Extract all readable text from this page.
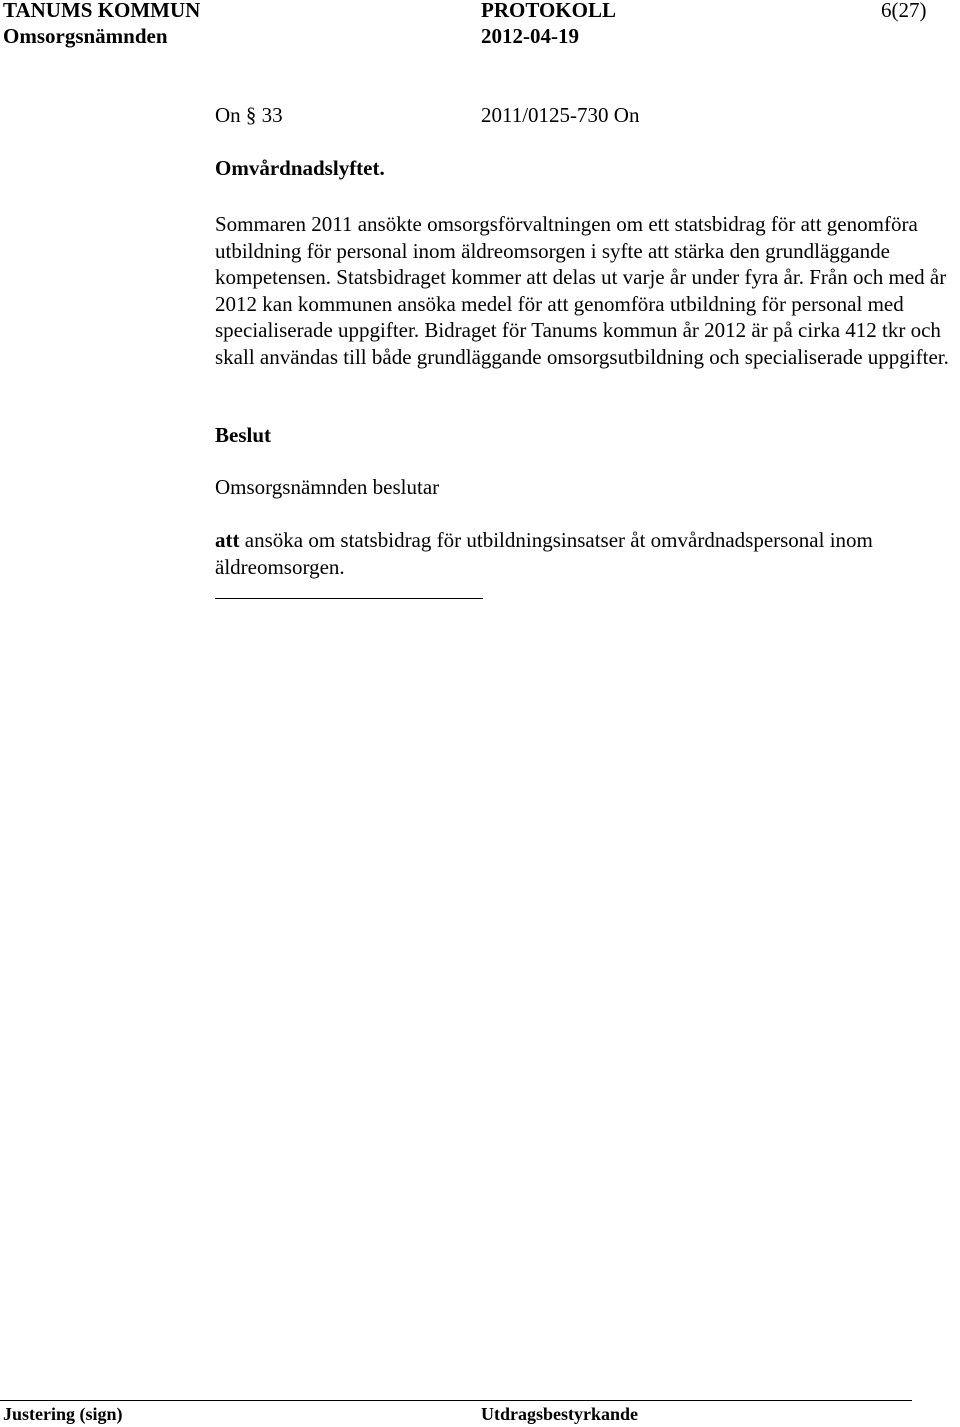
TANUMS KOMMUN	PROTOKOLL	6(27)
Omsorgsnämnden	2012-04-19
On § 33	2011/0125-730 On
Omvårdnadslyftet.
Sommaren 2011 ansökte omsorgsförvaltningen om ett statsbidrag för att genomföra utbildning för personal inom äldreomsorgen i syfte att stärka den grundläggande kompetensen. Statsbidraget kommer att delas ut varje år under fyra år. Från och med år 2012 kan kommunen ansöka medel för att genomföra utbildning för personal med specialiserade uppgifter. Bidraget för Tanums kommun år 2012 är på cirka 412 tkr och skall användas till både grundläggande omsorgsutbildning och specialiserade uppgifter.
Beslut
Omsorgsnämnden beslutar
att ansöka om statsbidrag för utbildningsinsatser åt omvårdnadspersonal inom äldreomsorgen.
Justering (sign)	Utdragsbestyrkande
